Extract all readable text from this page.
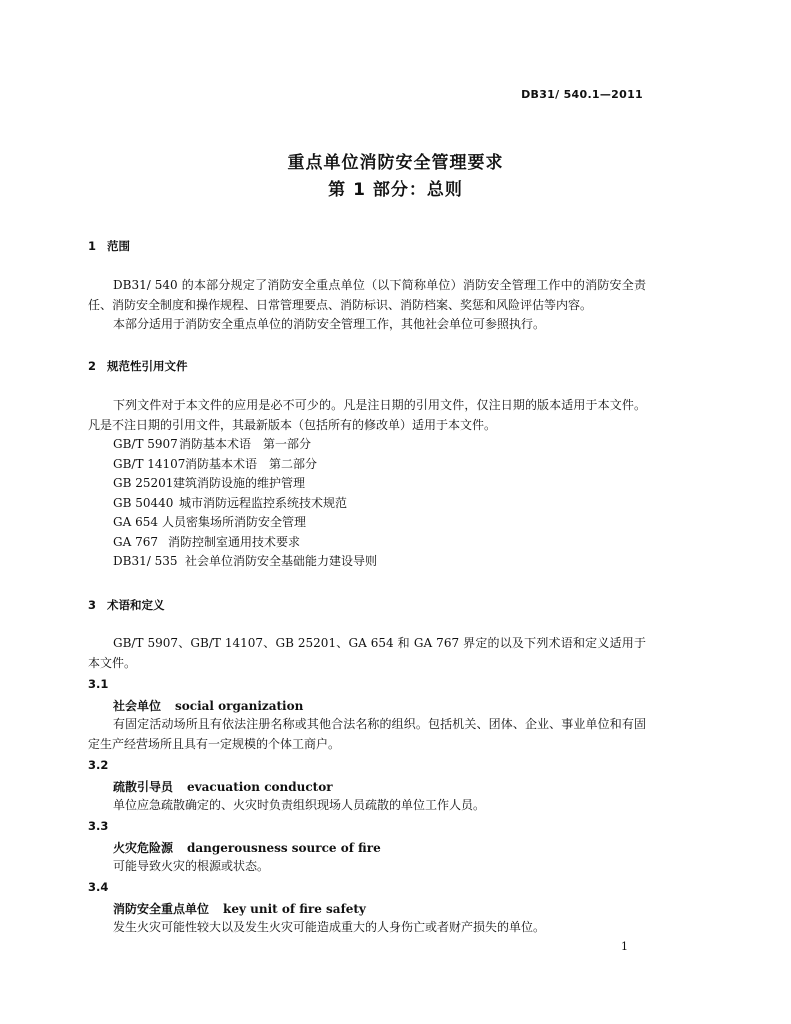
DB31/ 540.1—2011
重点单位消防安全管理要求
第 1 部分：总则
1 范围
DB31/ 540 的本部分规定了消防安全重点单位（以下简称单位）消防安全管理工作中的消防安全责任、消防安全制度和操作规程、日常管理要点、消防标识、消防档案、奖惩和风险评估等内容。
本部分适用于消防安全重点单位的消防安全管理工作，其他社会单位可参照执行。
2 规范性引用文件
下列文件对于本文件的应用是必不可少的。凡是注日期的引用文件，仅注日期的版本适用于本文件。凡是不注日期的引用文件，其最新版本（包括所有的修改单）适用于本文件。
GB/T 5907消防基本术语　第一部分
GB/T 14107消防基本术语　第二部分
GB 25201建筑消防设施的维护管理
GB 50440 城市消防远程监控系统技术规范
GA 654 人员密集场所消防安全管理
GA 767 消防控制室通用技术要求
DB31/ 535 社会单位消防安全基础能力建设导则
3 术语和定义
GB/T 5907、GB/T 14107、GB 25201、GA 654 和 GA 767 界定的以及下列术语和定义适用于本文件。
3.1
社会单位 social organization
有固定活动场所且有依法注册名称或其他合法名称的组织。包括机关、团体、企业、事业单位和有固定生产经营场所且具有一定规模的个体工商户。
3.2
疏散引导员 evacuation conductor
单位应急疏散确定的、火灾时负责组织现场人员疏散的单位工作人员。
3.3
火灾危险源 dangerousness source of fire
可能导致火灾的根源或状态。
3.4
消防安全重点单位 key unit of fire safety
发生火灾可能性较大以及发生火灾可能造成重大的人身伤亡或者财产损失的单位。
1
